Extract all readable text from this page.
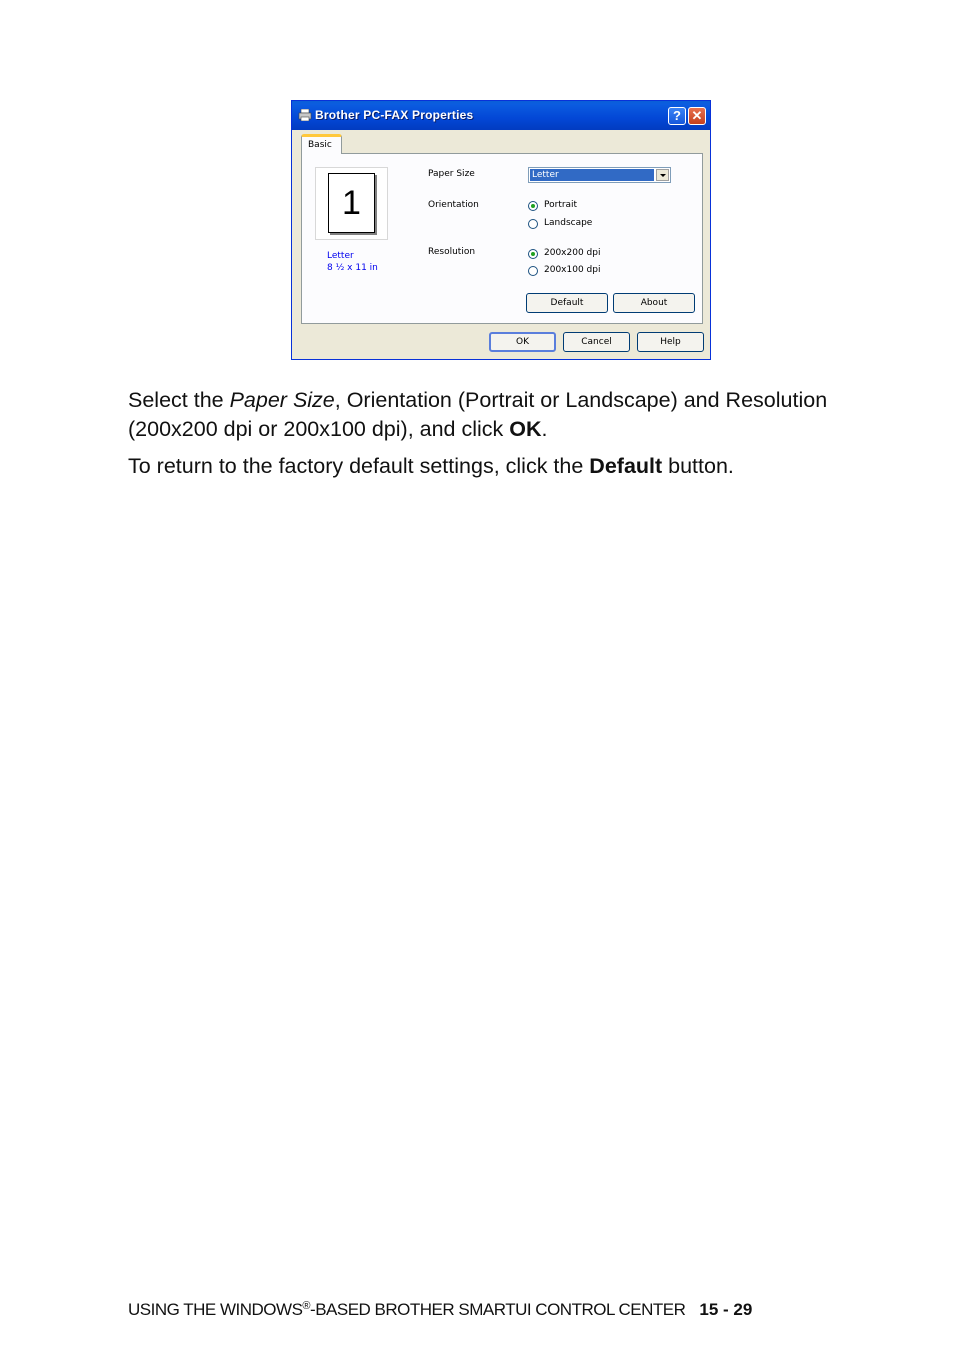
Brother PC-FAX Properties	? ✕
Basic
1
Letter
8 ½ x 11 in
Paper Size	Letter
Orientation	Portrait
Landscape
Resolution	200x200 dpi
200x100 dpi
Default	About
OK	Cancel	Help

Select the Paper Size, Orientation (Portrait or Landscape) and Resolution (200x200 dpi or 200x100 dpi), and click OK.

To return to the factory default settings, click the Default button.

USING THE WINDOWS®-BASED BROTHER SMARTUI CONTROL CENTER 15 - 29
